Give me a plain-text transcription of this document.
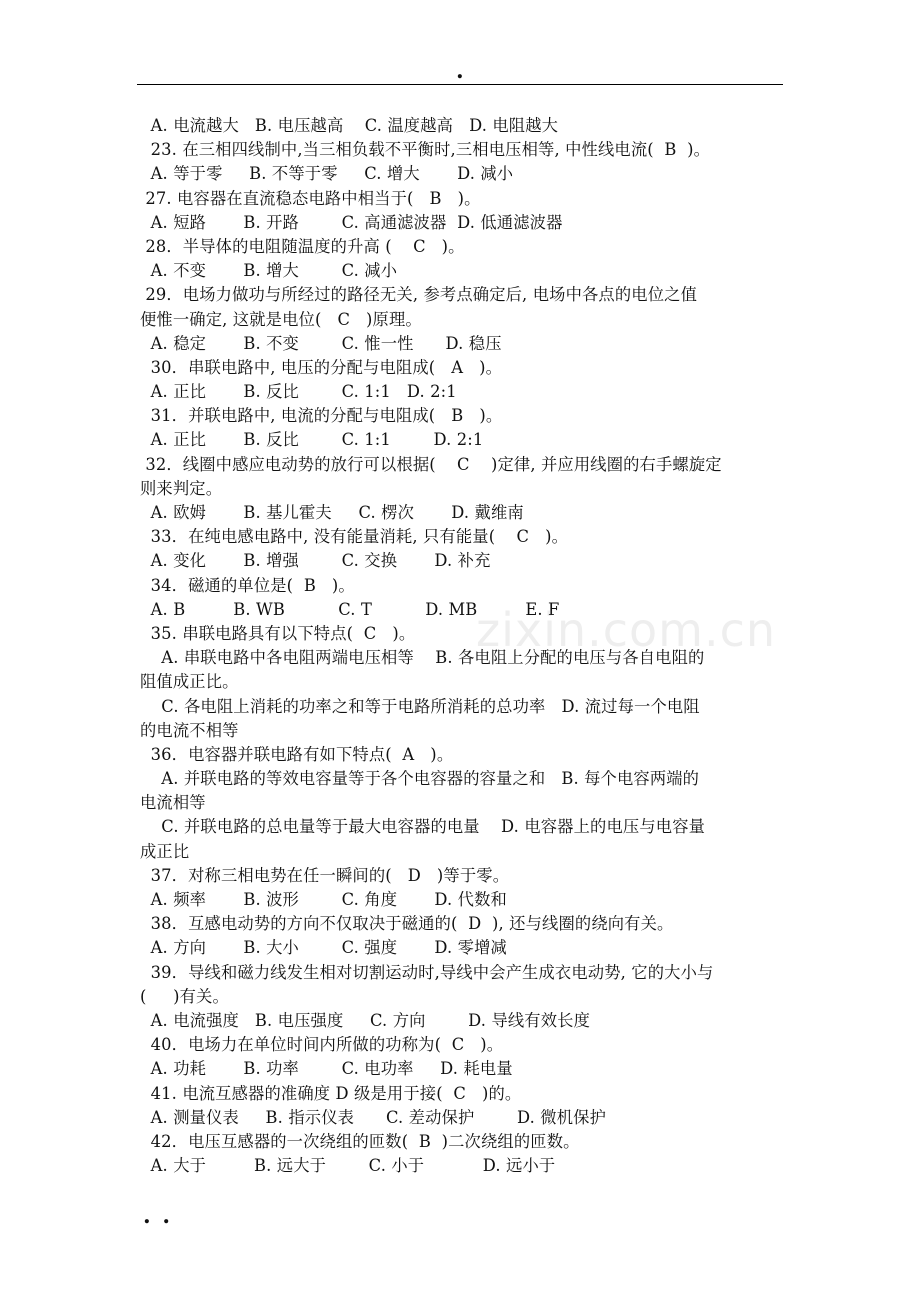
.
A. 电流越大   B. 电压越高    C. 温度越高   D. 电阻越大
23. 在三相四线制中,当三相负载不平衡时,三相电压相等, 中性线电流(  B  )。
A. 等于零     B. 不等于零     C. 增大       D. 减小
27. 电容器在直流稳态电路中相当于(   B   )。
A. 短路       B. 开路        C. 高通滤波器  D. 低通滤波器
28．半导体的电阻随温度的升高 (    C   )。
A. 不变       B. 增大        C. 减小
29．电场力做功与所经过的路径无关, 参考点确定后, 电场中各点的电位之值
便惟一确定, 这就是电位(   C   )原理。
A. 稳定       B. 不变        C. 惟一性      D. 稳压
30．串联电路中, 电压的分配与电阻成(   A   )。
A. 正比       B. 反比        C. 1:1   D. 2:1
31．并联电路中, 电流的分配与电阻成(   B   )。
A. 正比       B. 反比        C. 1:1        D. 2:1
32．线圈中感应电动势的放行可以根据(    C    )定律, 并应用线圈的右手螺旋定
则来判定。
A. 欧姆       B. 基儿霍夫     C. 楞次       D. 戴维南
33．在纯电感电路中, 没有能量消耗, 只有能量(    C   )。
A. 变化       B. 增强        C. 交换       D. 补充
34．磁通的单位是(  B   )。
A. B         B. WB          C. T          D. MB         E. F
35. 串联电路具有以下特点(  C   )。
A. 串联电路中各电阻两端电压相等    B. 各电阻上分配的电压与各自电阻的
阻值成正比。
C. 各电阻上消耗的功率之和等于电路所消耗的总功率   D. 流过每一个电阻
的电流不相等
36．电容器并联电路有如下特点(  A   )。
A. 并联电路的等效电容量等于各个电容器的容量之和   B. 每个电容两端的
电流相等
C. 并联电路的总电量等于最大电容器的电量    D. 电容器上的电压与电容量
成正比
37．对称三相电势在任一瞬间的(   D   )等于零。
A. 频率       B. 波形        C. 角度       D. 代数和
38．互感电动势的方向不仅取决于磁通的(  D  ), 还与线圈的绕向有关。
A. 方向       B. 大小        C. 强度       D. 零增减
39．导线和磁力线发生相对切割运动时,导线中会产生成衣电动势, 它的大小与
(     )有关。
A. 电流强度   B. 电压强度     C. 方向        D. 导线有效长度
40．电场力在单位时间内所做的功称为(  C   )。
A. 功耗       B. 功率        C. 电功率     D. 耗电量
41. 电流互感器的准确度 D 级是用于接(  C   )的。
A. 测量仪表     B. 指示仪表      C. 差动保护        D. 微机保护
42．电压互感器的一次绕组的匝数(  B  )二次绕组的匝数。
A. 大于         B. 远大于        C. 小于           D. 远小于
zixin.com.cn
. .
